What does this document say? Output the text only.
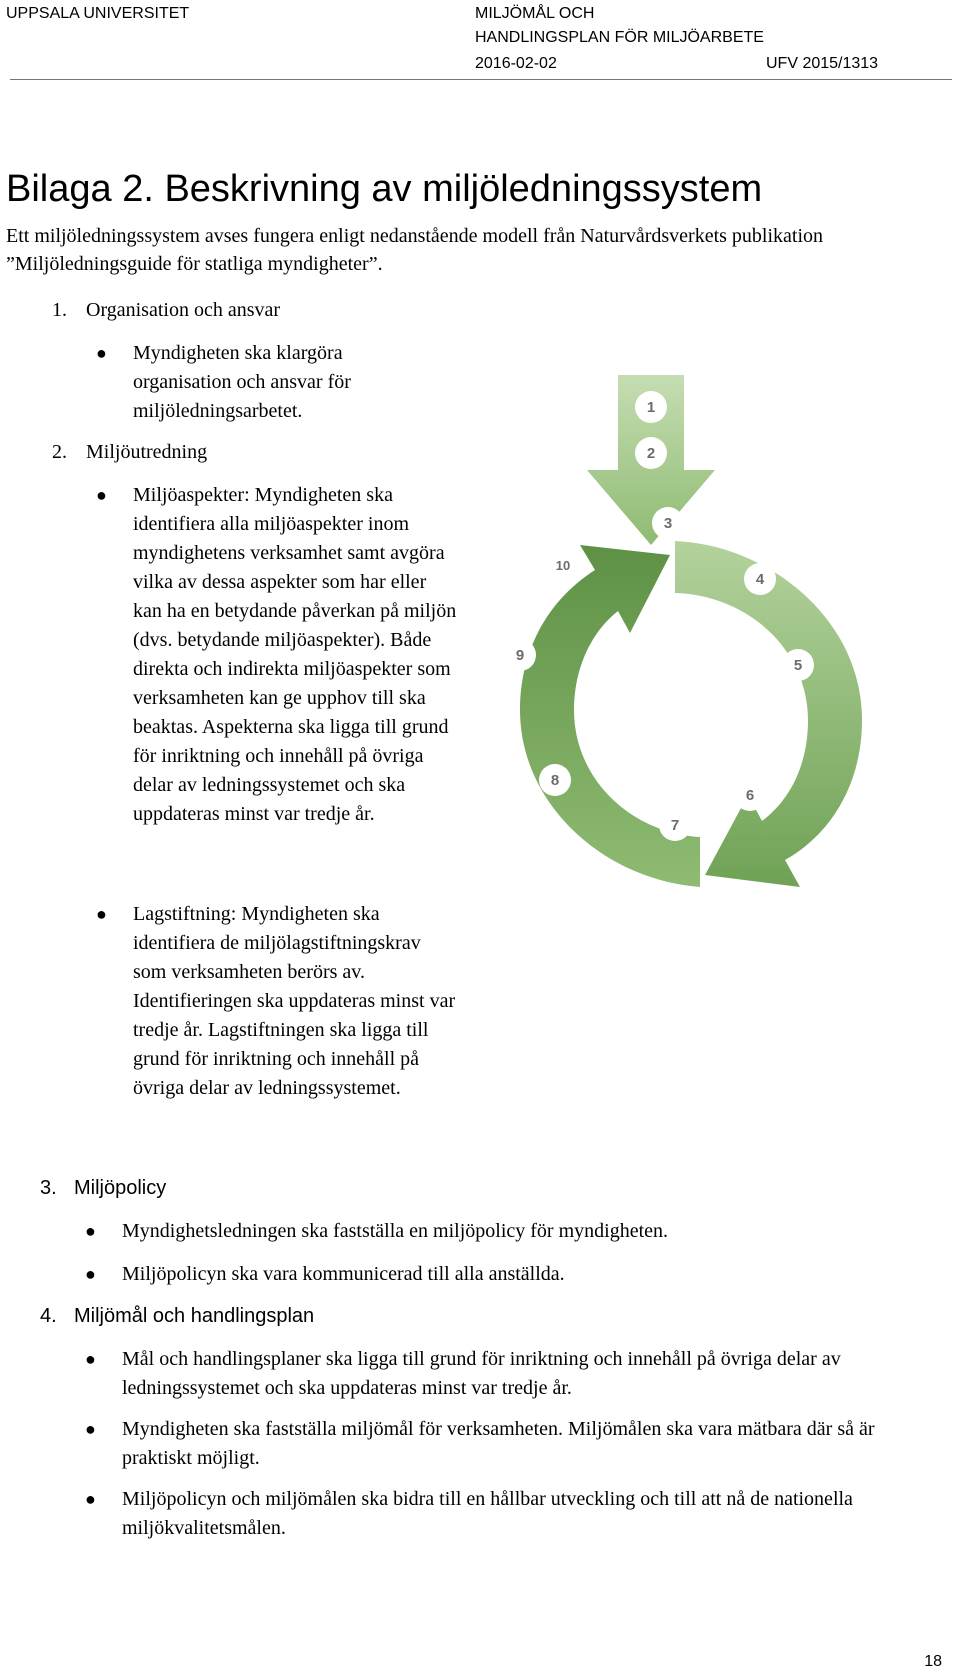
UPPSALA UNIVERSITET	MILJÖMÅL OCH
HANDLINGSPLAN FÖR MILJÖARBETE
2016-02-02	UFV 2015/1313
Bilaga 2. Beskrivning av miljöledningssystem

Ett miljöledningssystem avses fungera enligt nedanstående modell från Naturvårdsverkets publikation ”Miljöledningsguide för statliga myndigheter”.

1. Organisation och ansvar
● Myndigheten ska klargöra organisation och ansvar för miljöledningsarbetet.
2. Miljöutredning
● Miljöaspekter: Myndigheten ska identifiera alla miljöaspekter inom myndighetens verksamhet samt avgöra vilka av dessa aspekter som har eller kan ha en betydande påverkan på miljön (dvs. betydande miljöaspekter). Både direkta och indirekta miljöaspekter som verksamheten kan ge upphov till ska beaktas. Aspekterna ska ligga till grund för inriktning och innehåll på övriga delar av ledningssystemet och ska uppdateras minst var tredje år.
● Lagstiftning: Myndigheten ska identifiera de miljölagstiftningskrav som verksamheten berörs av. Identifieringen ska uppdateras minst var tredje år. Lagstiftningen ska ligga till grund för inriktning och innehåll på övriga delar av ledningssystemet.
3. Miljöpolicy
● Myndighetsledningen ska fastställa en miljöpolicy för myndigheten.
● Miljöpolicyn ska vara kommunicerad till alla anställda.
4. Miljömål och handlingsplan
● Mål och handlingsplaner ska ligga till grund för inriktning och innehåll på övriga delar av ledningssystemet och ska uppdateras minst var tredje år.
● Myndigheten ska fastställa miljömål för verksamheten. Miljömålen ska vara mätbara där så är praktiskt möjligt.
● Miljöpolicyn och miljömålen ska bidra till en hållbar utveckling och till att nå de nationella miljökvalitetsmålen.
1
2
3
4
5
6
7
8
9
10
18
